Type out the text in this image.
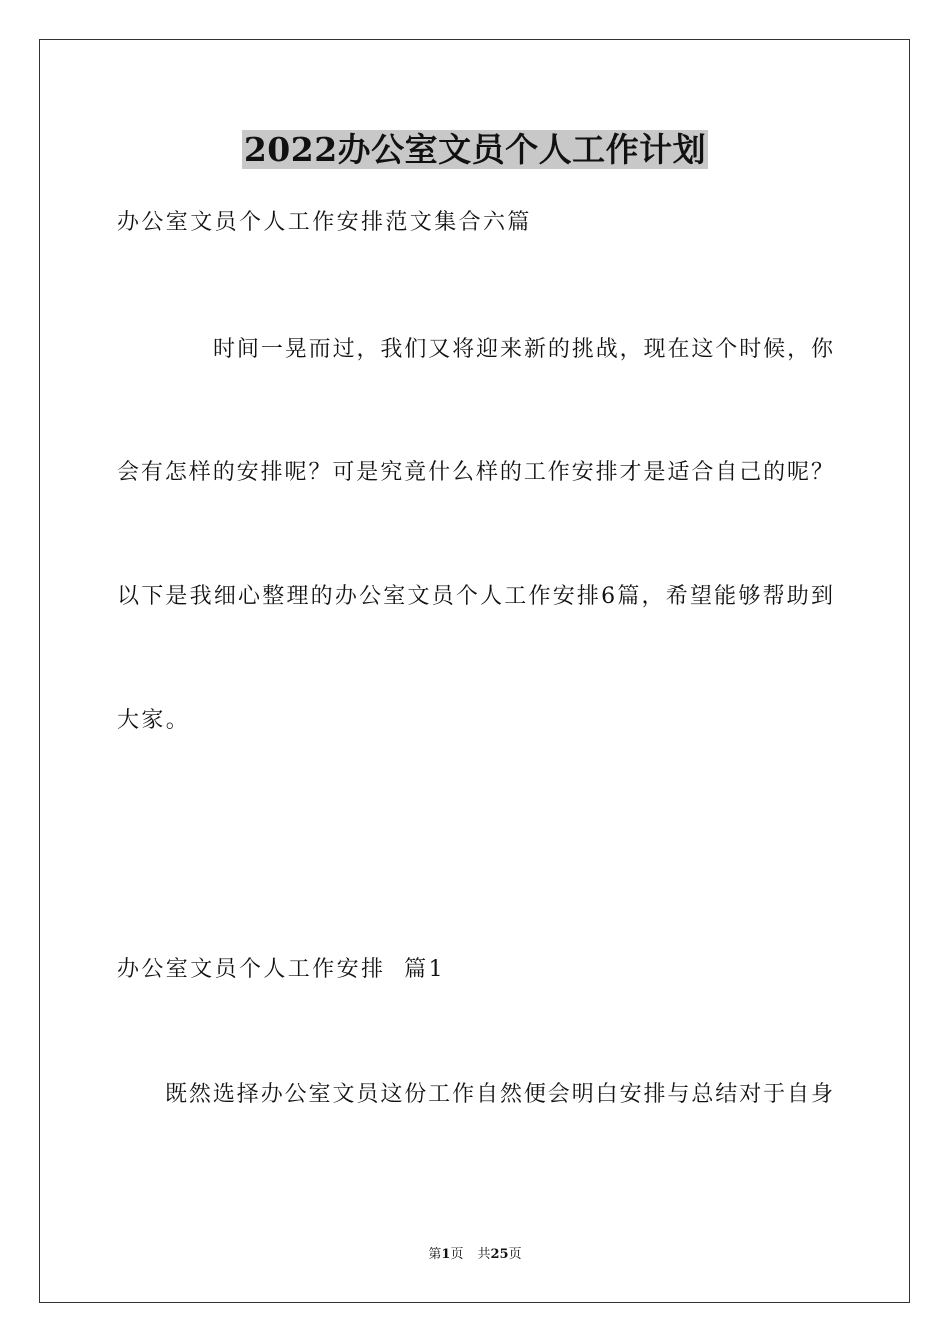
2022办公室文员个人工作计划

办公室文员个人工作安排范文集合六篇

时间一晃而过，我们又将迎来新的挑战，现在这个时候，你

会有怎样的安排呢？可是究竟什么样的工作安排才是适合自己的呢？

以下是我细心整理的办公室文员个人工作安排6篇，希望能够帮助到

大家。

办公室文员个人工作安排  篇1

既然选择办公室文员这份工作自然便会明白安排与总结对于自身

第1页 共25页
